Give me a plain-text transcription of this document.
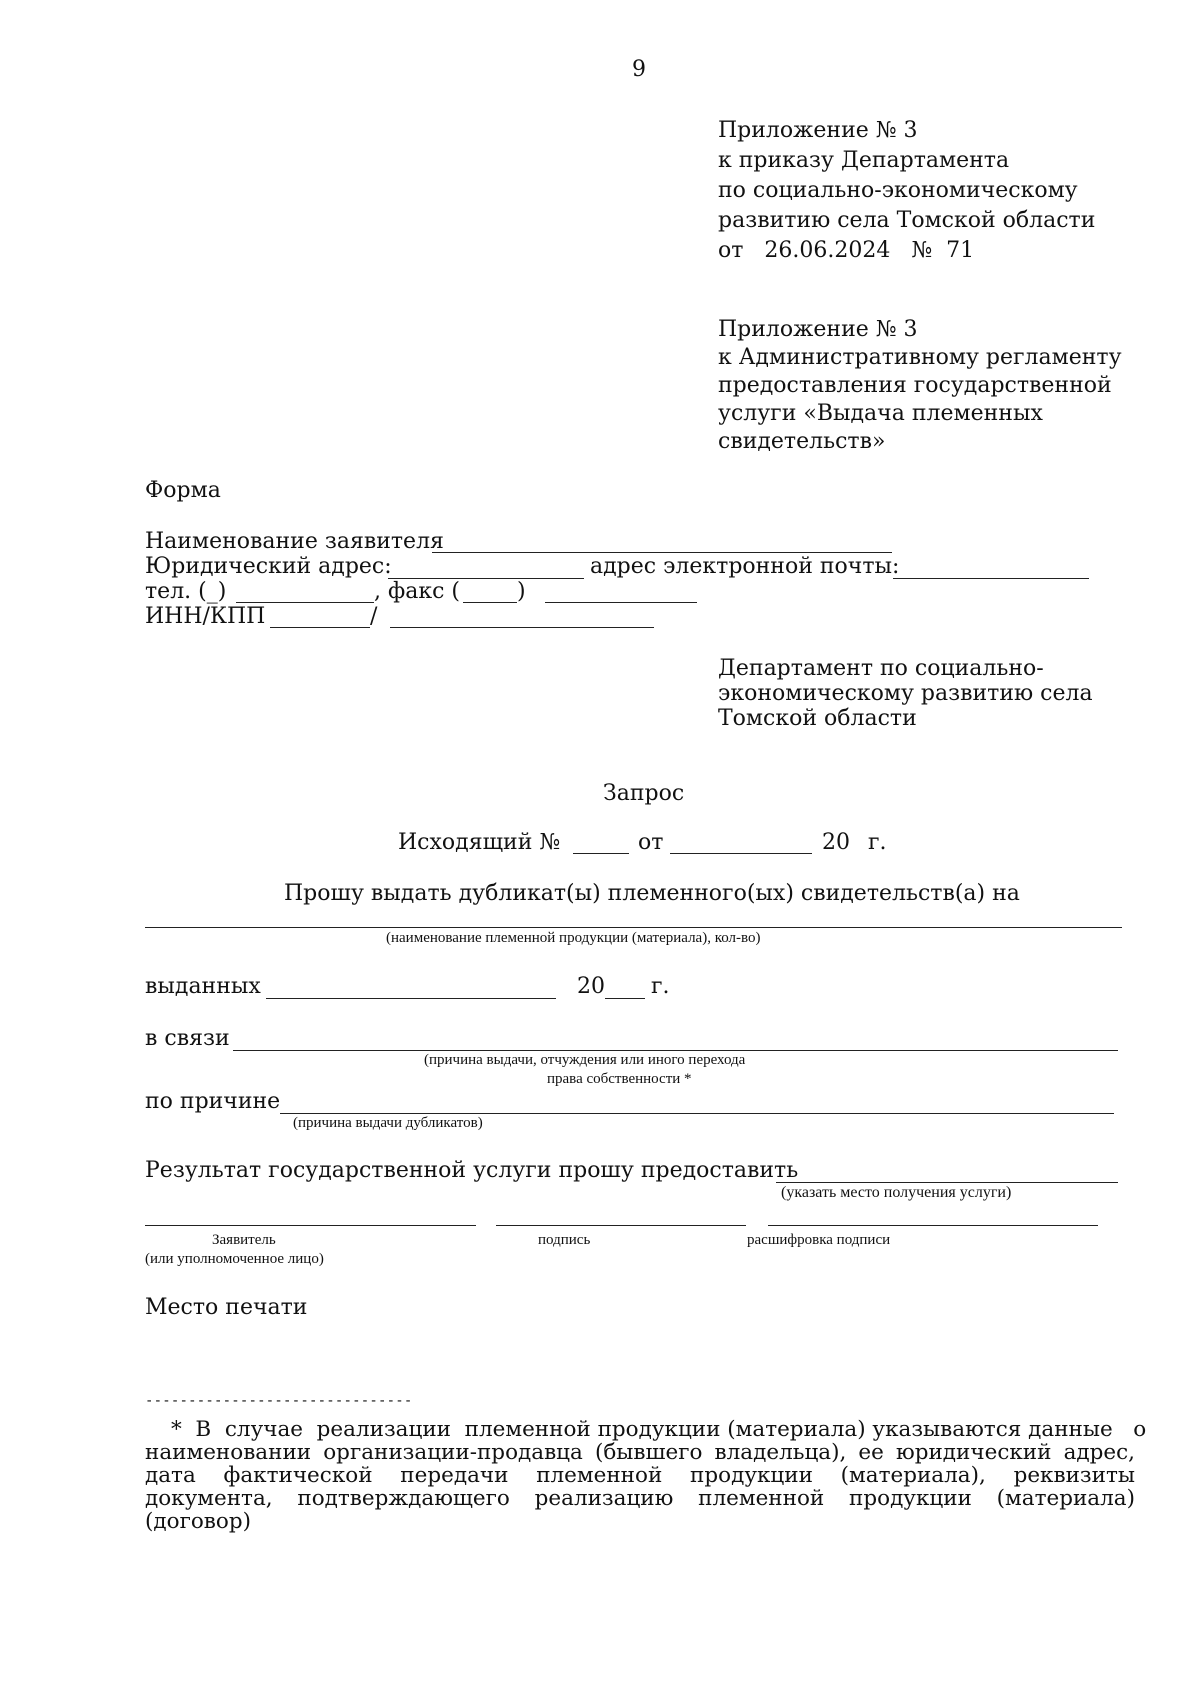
9
Приложение № 3
к приказу Департамента
по социально-экономическому
развитию села Томской области
от   26.06.2024   №  71
Приложение № 3
к Административному регламенту
предоставления государственной
услуги «Выдача племенных
свидетельств»
Форма
Наименование заявителя
Юридический адрес:	адрес электронной почты:
тел. (_)	, факс (	)
ИНН/КПП	/
Департамент по социально-
экономическому развитию села
Томской области
Запрос
Исходящий №	от	20 г.
Прошу выдать дубликат(ы) племенного(ых) свидетельств(а) на
(наименование племенной продукции (материала), кол-во)
выданных	20 г.
в связи
(причина выдачи, отчуждения или иного перехода
права собственности *
по причине
(причина выдачи дубликатов)
Результат государственной услуги прошу предоставить
(указать место получения услуги)
Заявитель
(или уполномоченное лицо)
подпись	расшифровка подписи
Место печати
-------------------------------
*  В  случае  реализации  племенной продукции (материала) указываются данные   о
наименовании организации-продавца (бывшего владельца), ее юридический адрес,
дата фактической передачи племенной продукции (материала), реквизиты
документа, подтверждающего реализацию племенной продукции (материала)
(договор)
